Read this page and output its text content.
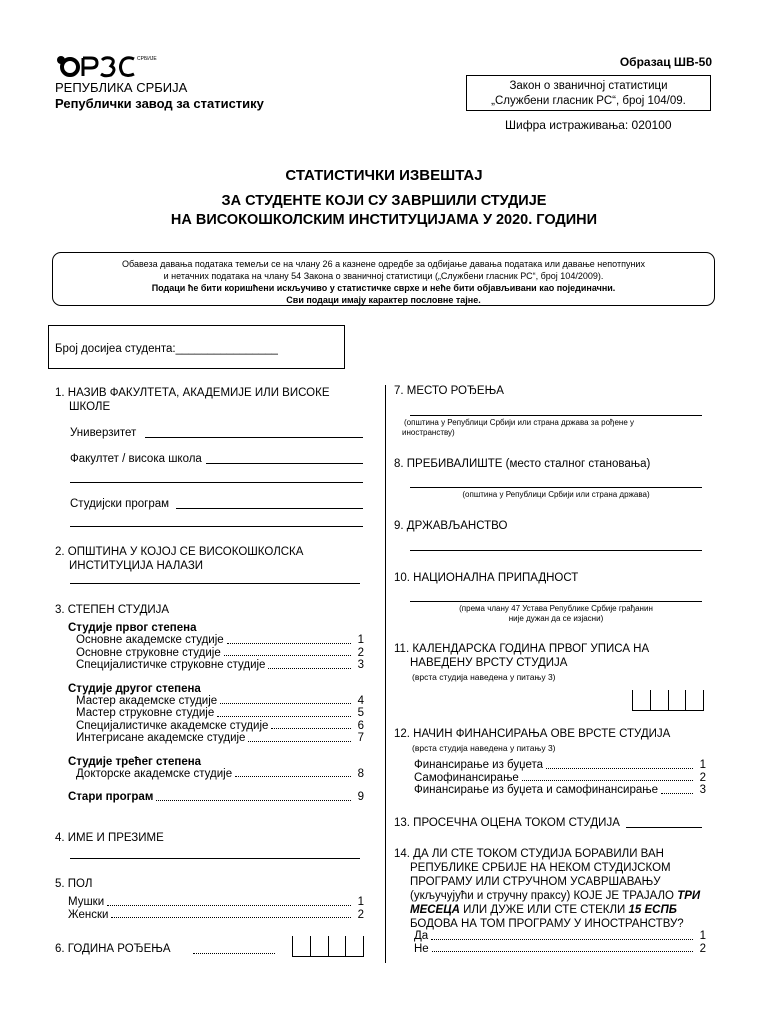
СРБИЈЕ
РЕПУБЛИКА СРБИЈА
Републички завод за статистику
Образац ШВ-50
Закон о званичној статистици
„Службени гласник РС“, број 104/09.
Шифра истраживања: 020100
СТАТИСТИЧКИ ИЗВЕШТАЈ
ЗА СТУДЕНТЕ КОЈИ СУ ЗАВРШИЛИ СТУДИЈЕ
НА ВИСОКОШКОЛСКИМ ИНСТИТУЦИЈАМА У 2020. ГОДИНИ
Обавеза давања података темељи се на члану 26 а казнене одредбе за одбијање давања података или давање непотпуних
и нетачних података на члану 54 Закона о званичној статистици („Службени гласник РС“, број 104/2009).
Подаци ће бити коришћени искључиво у статистичке сврхе и неће бити објављивани као појединачни.
Сви подаци имају карактер пословне тајне.
Број досијеа студента:________________
1. НАЗИВ ФАКУЛТЕТА, АКАДЕМИЈЕ ИЛИ ВИСОКЕ
ШКОЛЕ
Универзитет
Факултет / висока школа
Студијски програм
2. ОПШТИНА У КОЈОЈ СЕ ВИСОКОШКОЛСКА
ИНСТИТУЦИЈА НАЛАЗИ
3. СТЕПЕН СТУДИЈА
Студије првог степена
Основне академске студије	1
Основне струковне студије	2
Специјалистичке струковне студије	3
Студије другог степена
Мастер академске студије	4
Мастер струковне студије	5
Специјалистичке академске студије	6
Интегрисане академске студије	7
Студије трећег степена
Докторске академске студије	8
Стари програм	9
4. ИМЕ И ПРЕЗИМЕ
5. ПОЛ
Мушки	1
Женски	2
6. ГОДИНА РОЂЕЊА
7. МЕСТО РОЂЕЊА
(општина у Републици Србији или страна држава за рођене у
иностранству)
8. ПРЕБИВАЛИШТЕ (место сталног становања)
(општина у Републици Србији или страна држава)
9. ДРЖАВЉАНСТВО
10. НАЦИОНАЛНА ПРИПАДНОСТ
(према члану 47 Устава Републике Србије грађанин
није дужан да се изјасни)
11. КАЛЕНДАРСКА ГОДИНА ПРВОГ УПИСА НА
НАВЕДЕНУ ВРСТУ СТУДИЈА
(врста студија наведена у питању 3)
12. НАЧИН ФИНАНСИРАЊА ОВЕ ВРСТЕ СТУДИЈА
(врста студија наведена у питању 3)
Финансирање из буџета	1
Самофинансирање	2
Финансирање из буџета и самофинансирање	3
13. ПРОСЕЧНА ОЦЕНА ТОКОМ СТУДИЈА
14. ДА ЛИ СТЕ ТОКОМ СТУДИЈА БОРАВИЛИ ВАН
РЕПУБЛИКЕ СРБИЈЕ НА НЕКОМ СТУДИЈСКОМ
ПРОГРАМУ ИЛИ СТРУЧНОМ УСАВРШАВАЊУ
(укључујући и стручну праксу) КОЈЕ ЈЕ ТРАЈАЛО ТРИ
МЕСЕЦА ИЛИ ДУЖЕ ИЛИ СТЕ СТЕКЛИ 15 ЕСПБ
БОДОВА НА ТОМ ПРОГРАМУ У ИНОСТРАНСТВУ?
Да	1
Не	2
